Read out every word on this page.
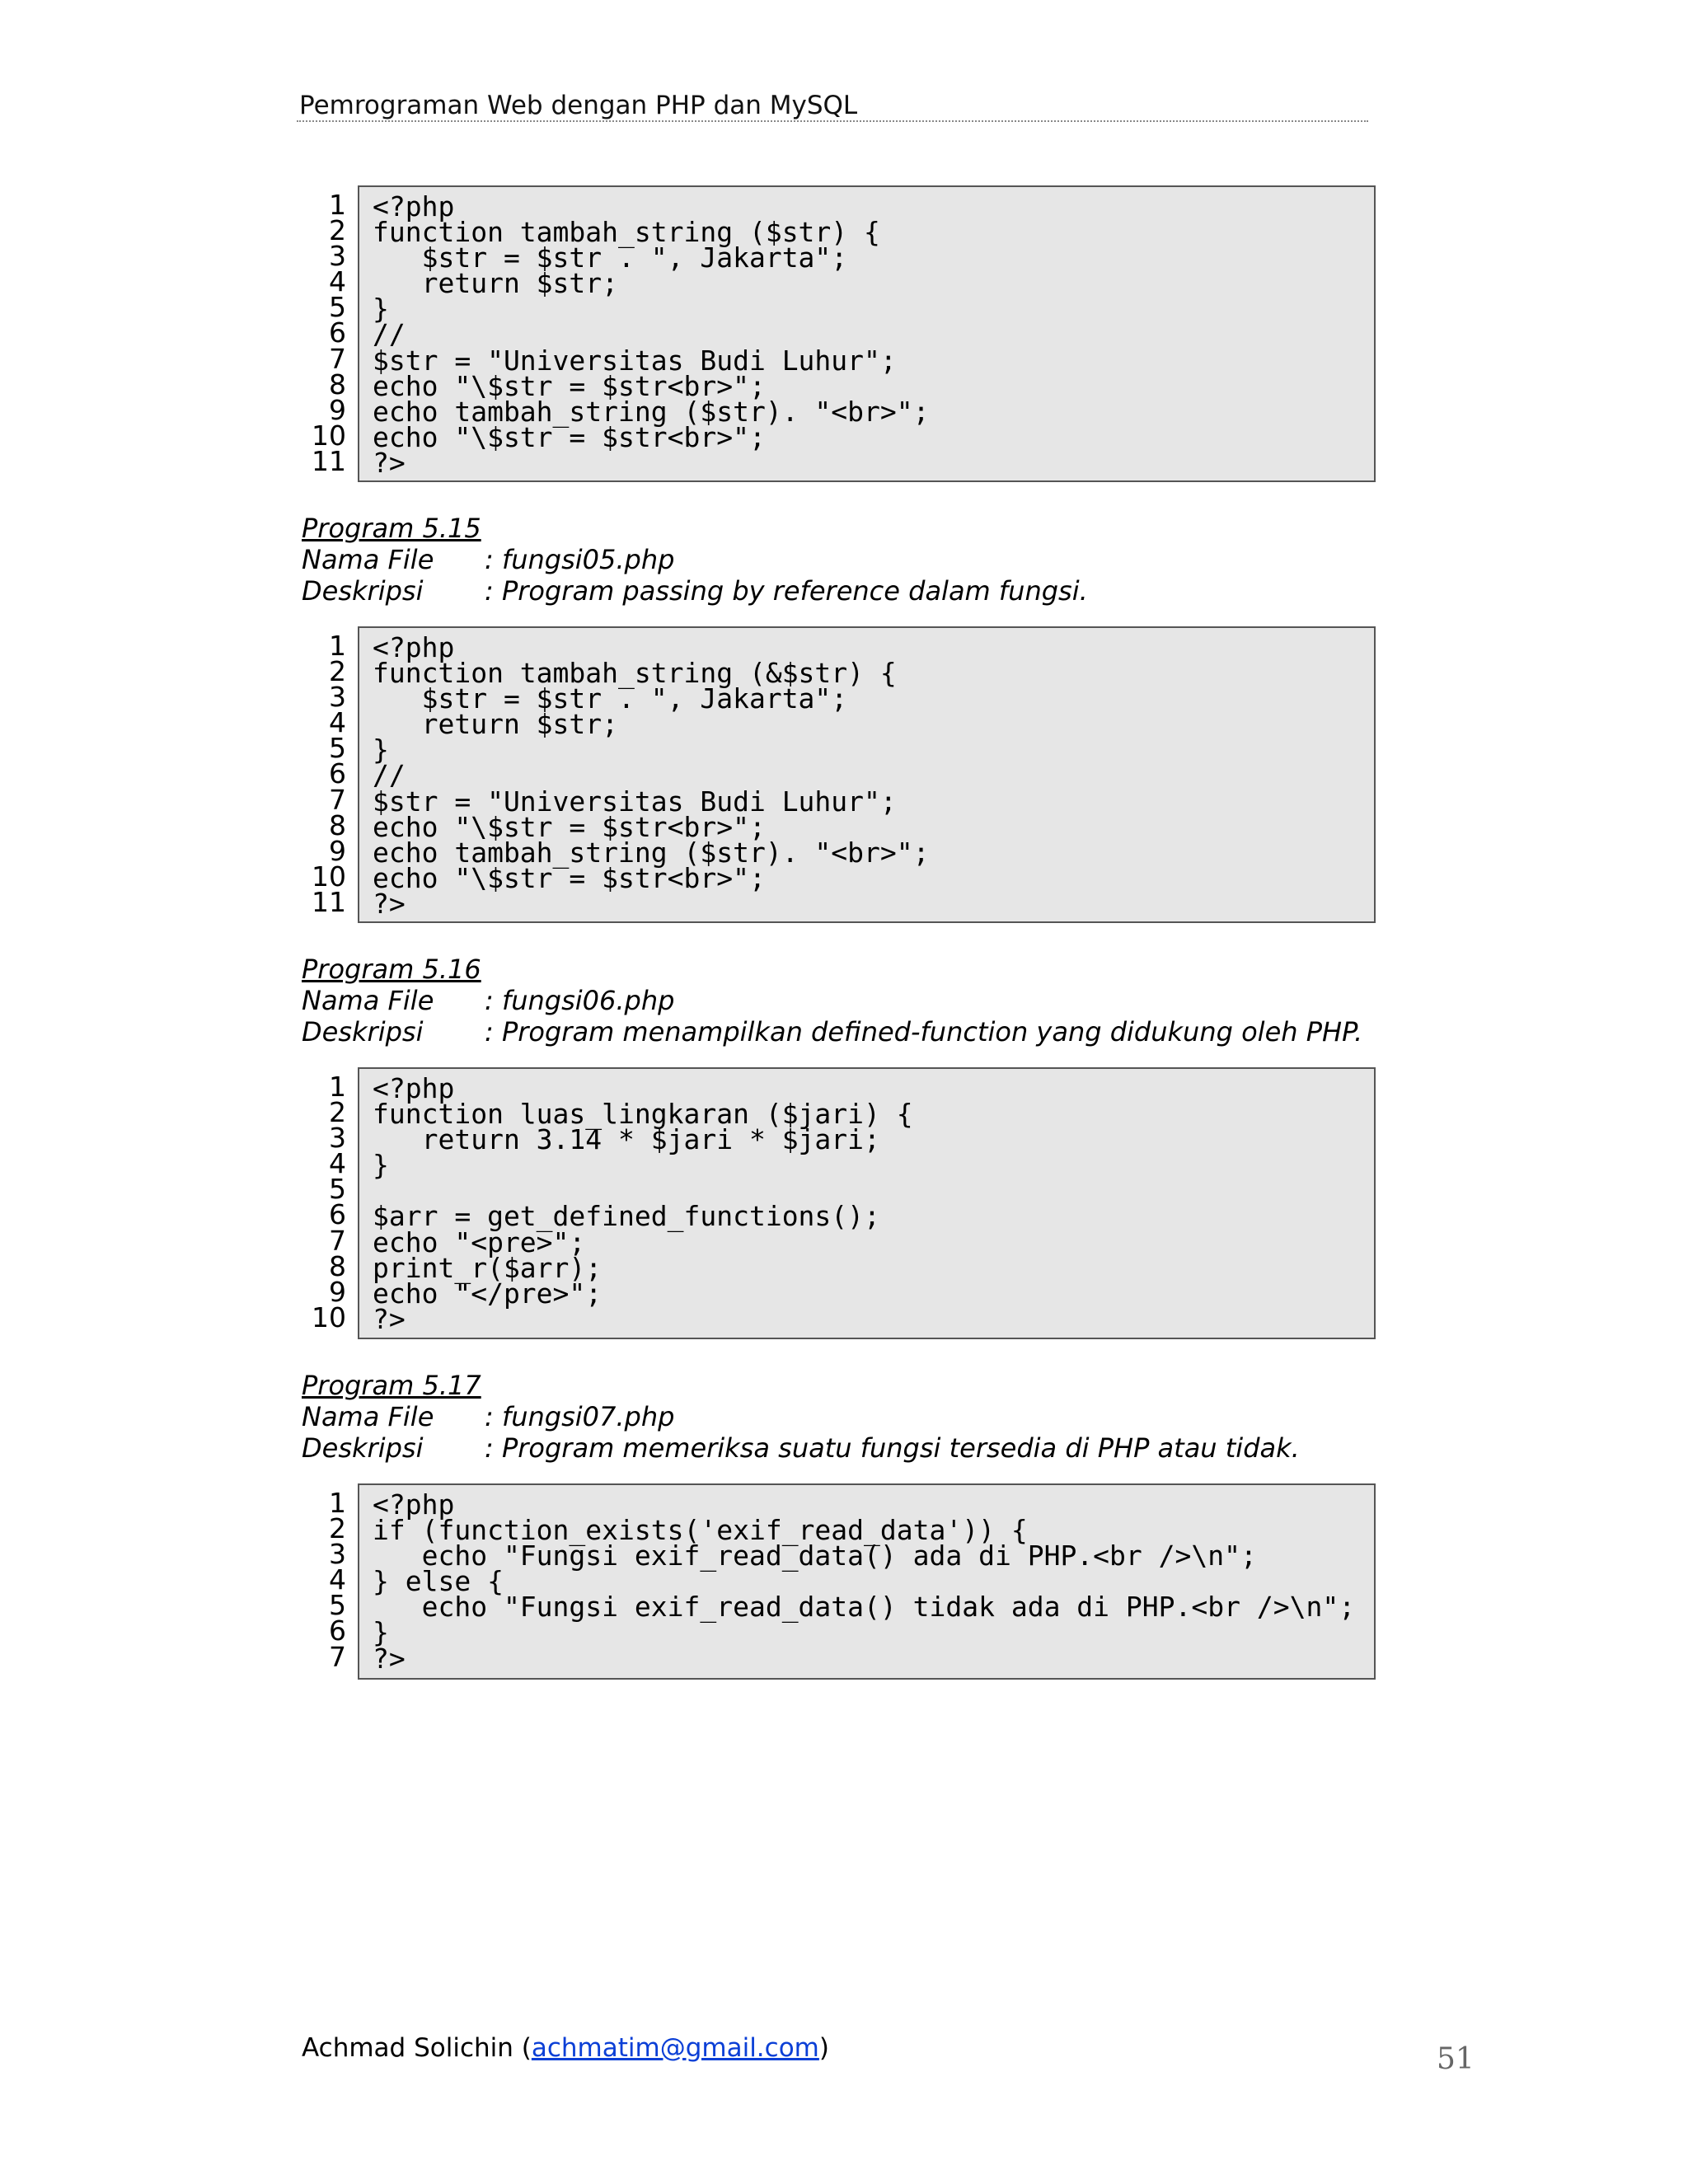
Pemrograman Web dengan PHP dan MySQL
1
2
3
4
5
6
7
8
9
10
11
<?php
function tambah_string ($str) {
$str = $str . ", Jakarta";
return $str;
}
//
$str = "Universitas Budi Luhur";
echo "\$str = $str<br>";
echo tambah_string ($str). "<br>";
echo "\$str = $str<br>";
?>
Program 5.15
Nama File : fungsi05.php
Deskripsi : Program passing by reference dalam fungsi.
1
2
3
4
5
6
7
8
9
10
11
<?php
function tambah_string (&$str) {
$str = $str . ", Jakarta";
return $str;
}
//
$str = "Universitas Budi Luhur";
echo "\$str = $str<br>";
echo tambah_string ($str). "<br>";
echo "\$str = $str<br>";
?>
Program 5.16
Nama File : fungsi06.php
Deskripsi : Program menampilkan defined-function yang didukung oleh PHP.
1
2
3
4
5
6
7
8
9
10
<?php
function luas_lingkaran ($jari) {
return 3.14 * $jari * $jari;
}
$arr = get_defined_functions();
echo "<pre>";
print_r($arr);
echo "</pre>";
?>
Program 5.17
Nama File : fungsi07.php
Deskripsi : Program memeriksa suatu fungsi tersedia di PHP atau tidak.
1
2
3
4
5
6
7
<?php
if (function_exists('exif_read_data')) {
echo "Fungsi exif_read_data() ada di PHP.<br />\n";
} else {
echo "Fungsi exif_read_data() tidak ada di PHP.<br />\n";
}
?>
Achmad Solichin (achmatim@gmail.com)	51
